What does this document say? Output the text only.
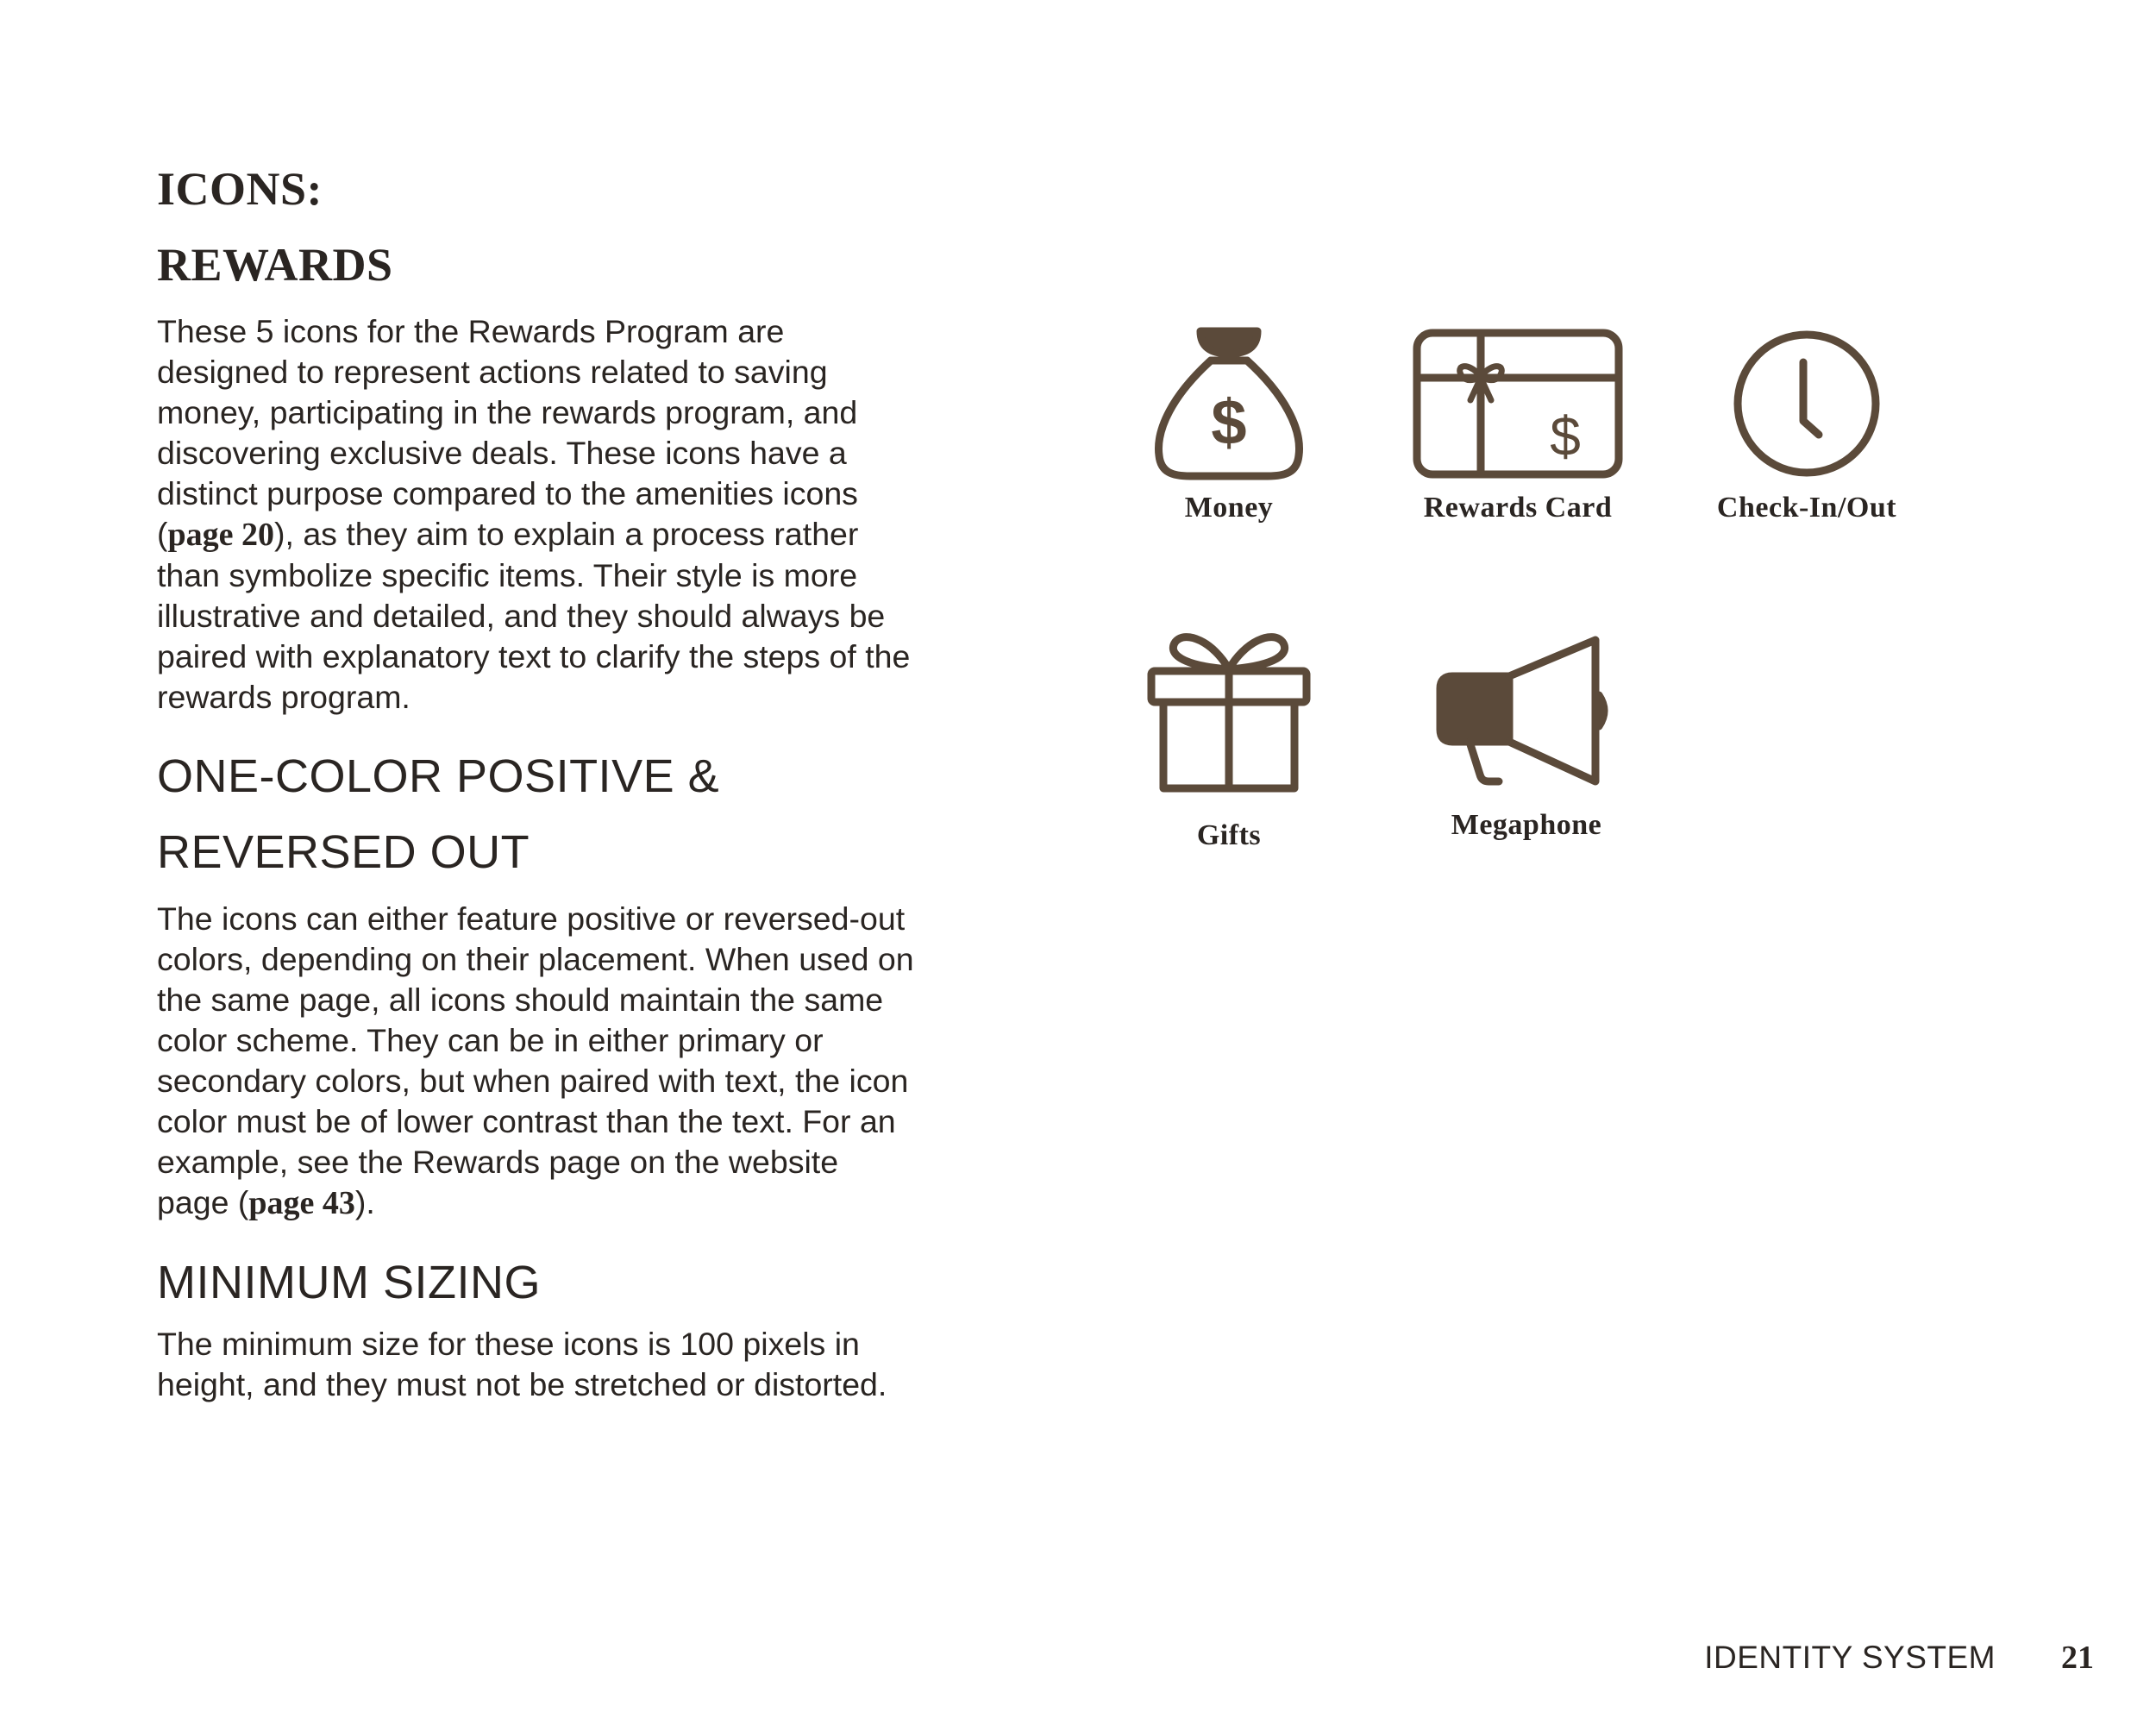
ICONS:
REWARDS

These 5 icons for the Rewards Program are designed to represent actions related to saving money, participating in the rewards program, and discovering exclusive deals. These icons have a distinct purpose compared to the amenities icons (page 20), as they aim to explain a process rather than symbolize specific items. Their style is more illustrative and detailed, and they should always be paired with explanatory text to clarify the steps of the rewards program.

ONE-COLOR POSITIVE &
REVERSED OUT

The icons can either feature positive or reversed-out colors, depending on their placement. When used on the same page, all icons should maintain the same color scheme. They can be in either primary or secondary colors, but when paired with text, the icon color must be of lower contrast than the text. For an example, see the Rewards page on the website page (page 43).

MINIMUM SIZING

The minimum size for these icons is 100 pixels in height, and they must not be stretched or distorted.

$
Money
$
Rewards Card	Check-In/Out
Gifts	Megaphone
IDENTITY SYSTEM 21
